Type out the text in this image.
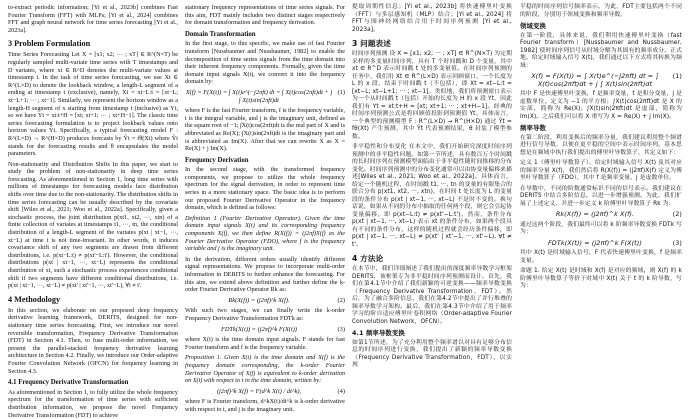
to-extract periodic information; [Yi et al., 2023b] combines Fast Fourier Transform (FFT) with MLPs; [Yi et al., 2024] combines FFT and graph neural network for time series forecasting [Yi et al., 2023a].
3 Problem Formulation
Time Series Forecasting Let X = [x1; x2; ··· ; xT] ∈ R^(N×T) be regularly sampled multi-variate time series with T timestamps and D variates, where xt ∈ R^D denotes the multi-variate values at timestamp t. In the task of time series forecasting, we use Xt ∈ R^(L×D) to denote the lookback window, a length-L segment of a ending at timestamp t (exclusive), namely, Xt = xt−L:t = [xt−L; xt−L+1; ··· ; xt−1]. Similarly, we represent the horizon window as a length-H segment of x starting from timestamp t (inclusive) as Yt, so we have Yt = xt:t+H = [xt; xt+1; ··· ; xt+H−1]. The classic time series forecasting formulation is to project lookback values onto horizon values Yt. Specifically, a typical forecasting model F : R^(L×D) → R^(H×D) produces forecasts by Ŷt = fθ(Xt) where Ŷt stands for the forecasting results and θ encapsulates the model parameters.
Non-stationarity and Distribution Shifts In this paper, we start to study the problem of non-stationarity in deep time series forecasting. As aforementioned in Section 1, long time series with millions of timestamps for forecasting models face distribution shifts over time due to the non-stationarity. The distribution shifts in time series forecasting can be usually described by the covariate shift [Wiles et al., 2021; Woo et al., 2022a]. Specifically, given a stochastic process, the joint distribution p(xt1, xt2, ···, xtn) of a finite collection of variates at timestamps t1, ···, tn, the conditional distribution of a length-L segment of the variates p(xt | xt−1, ···, xt−L) at time t is not time-invariant. In other words, it induces covariance shift of any two segments are drawn from different distributions, i.e. p(xt−L:t) ≠ p(xt'−L:t'). However, the conditional distributions p(xt | xt−1, ···, xt−L) represents the conditional distribution of xt, such a stochastic process experiences conditional shift if two segments have different conditional distributions, i.e. p(xt | xt−1, ···, xt−L) ≠ p(xt' | xt'−1, ···, xt'−L), ∀t ≠ t'.
4 Methodology
In this section, we elaborate on our proposed deep frequency derivative learning framework, DERITS, designed for non-stationary time series forecasting. First, we introduce our novel reversible transformation, Frequency Derivative Transformation (FDT) in Section 4.1. Then, to fuse multi-order information, we present the parallel-stacked frequency derivative learning architecture in Section 4.2. Finally, we introduce our Order-adaptive Fourier Convolution Network (OFCN) for frequency learning in Section 4.3.
4.1 Frequency Derivative Transformation
As aforementioned in Section 1, to fully utilize the whole frequency spectrum for the transformation of time series with sufficient distribution information, we propose the novel Frequency Derivative Transformation (FDT) to achieve
stationary frequency representations of time series signals. For this aim, FDT mainly includes two distinct stages respectively for domain transformation and frequency derivation.
Domain Transformation
In the first stage, to this specific, we make use of fast Fourier transform [Nussbaumer and Nussbaumer, 1982] to enable the decomposition of time series signals from the time domain into their inherent frequency components. Formally, given the time domain input signals X(t), we convert it into the frequency domain by:
X(f) = F(X(t)) = ∫ X(t)e^(−j2πft) dt = ∫ X(t)cos(2πft)dt + j ∫ X(t)sin(2πft)dt
(1)
where F is the fast Fourier transform, f is the frequency variable, t is the integral variable, and j is the imaginary unit, defined as the square root of −1; ∫X(t)cos(2πft)dt is the real part of X and is abbreviated as Re(X); ∫X(t)sin(2πft)dt is the imaginary part and is abbreviated as Im(X). After that we can rewrite X as X = Re(X) + j Im(X).
Frequency Derivation
In the second stage, with the transformed frequency components, we propose to utilize the whole frequency spectrum for the signal derivation, in order to represent time series in a more stationary space. The basic idea is to perform our proposed Fourier Derivative Operator in the frequency domain, which is defined as follows:
Definition 1 (Fourier Derivative Operator). Given the time domain input signals X(t) and its corresponding frequency components X(f), we then define R(X(f)) = (j2πf)X(f) as the Fourier Derivative Operator (FDO), where f is the frequency variable and j is the imaginary unit.
In the derivation, different orders usually identify different signal representations. We propose to incorporate multi-order information in DERITS to further enhance the forecasting. For this aim, we extend above definition and further define the k-order Fourier Derivative Operator Rk as:
Rk(X(f)) = (j2πf)^k X(f).	(2)
With such two stages, we can finally write the k-order Frequency Derivative Transformation FDTk as:
FDTk(X(t)) = (j2πf)^k F(X(t))	(3)
where X(t) is the time domain input signals. F stands for fast Fourier transform and f is the frequency variable.
Proposition 1. Given X(t) is the time domain and X(f) is the frequency domain corresponding, the k-order Fourier Derivative Operator of X(f) is equivalent to k-order derivation on X(t) with respect to t in the time domain, written by:
(j2πf)^k X(f) = F(d^k X(t) / dt^k),	(4)
where F is Fourier transform, d^kX(t)/dt^k is k-order derivative with respect to t, and j is the imaginary unit.
提取周期性信息；[Yi et al., 2023b] 将快速傅里叶变换（FFT）与多层感知机（MLP）结合；[Yi et al., 2024] 将FFT与图神经网络结合用于时间序列预测 [Yi et al., 2023a]。
3 问题表述
时间序列预测 设 X = [x1; x2; ··· ; xT] ∈ R^(N×T) 为定期采样的多变量时间序列，具有 T 个时间戳和 D 个变量，其中 xt ∈ R^D 表示时间戳 t 处的多变量值。在时间序列预测的任务中，我们用 Xt ∈ R^(L×D) 表示回顾窗口，一个长度为 L 的 x 段，结束于时间戳 t（不包括），即 Xt = xt−L:t = [xt−L; xt−L+1; ··· ; xt−1]。类似地，我们将预测窗口表示为一个从时间戳 t（包括）开始的长度为 H 的 x 段 Yt，因此我们有 Yt = xt:t+H = [xt; xt+1; ··· ; xt+H−1]。经典的时间序列预测公式是将回顾值投影到预测值 Yt。具体而言，一个典型的预测模型 F : R^(L×D) → R^(H×D) 通过 Ŷt = fθ(Xt) 产生预测，其中 Ŷt 代表预测结果，θ 封装了模型参数。
非平稳性和分布变化 在本文中，我们开始研究深度时间序列预测中的非平稳性问题。如第一节所述，具有数百万个时间戳的长时间序列在预测模型面临由于非平稳性随时间推移的分布变化。时间序列预测中的分布变化通常可以由协变量偏移来描述[Wiles et al., 2021; Woo et al., 2022a]。具体而言，给定一个随机过程，在时间戳 t1, ···, tn 的变量的有限集合的联合分布 p(xt1, xt2, ···, xtn)，在时间 t 处长度为 L 的变量段的条件分布 p(xt | xt−1, ···, xt−L) 不是时不变的。换句话说，如果从不同的分布中抽取的任何两个段，则它会引起协变量偏移，即 p(xt−L:t) ≠ p(xt'−L:t')。然而，条件分布 p(xt | xt−1, ···, xt−L) 表示 xt 的条件分布，如果两个段具有不同的条件分布，这样的随机过程就会经历条件偏移，即 p(xt | xt−1, ···, xt−L) ≠ p(xt' | xt'−1, ···, xt'−L), ∀t ≠ t'。
4 方法论
在本节中，我们详细阐述了我们提出的深度频率导数学习框架DERITS，该框架专为非平稳时间序列预测而设计。首先，我们在第4.1节中介绍了我们新颖的可逆变换——频率导数变换（Frequency Derivative Transformation，FDT）。然后，为了融合多阶信息，我们在第4.2节中提出了并行堆叠的频率导数学习架构。最后，我们在第4.3节中介绍了用于频率学习的阶自适应傅里叶卷积网络（Order-adaptive Fourier Convolution Network，OFCN）。
4.1 频率导数变换
如第1节所述，为了充分利用整个频率谱以对具有足够分布信息的时间序列进行变换，我们提出了新颖的频率导数变换（Frequency Derivative Transformation，FDT），以实现
平稳的时间序列信号频率表示。为此，FDT主要包括两个不同的阶段，分别用于领域变换和频率导数。
领域变换
在第一阶段，具体来说，我们利用快速傅里叶变换（fast Fourier transform）[Nussbaumer and Nussbaumer, 1982] 使时间序列信号从时域分解为其固有的频率成分。正式地，给定时域输入信号 X(t)，我们通过以下方式将其转换为频域：
X(f) = F(X(t)) = ∫ X(t)e^(−j2πft) dt = ∫ X(t)cos(2πft)dt + j ∫ X(t)sin(2πft)dt
(1)
其中 F 是快速傅里叶变换，f 是频率变量，t 是积分变量，j 是虚数单位，定义为 −1 的平方根；∫X(t)cos(2πft)dt 是 X 的实部，简称为 Re(X)；∫X(t)sin(2πft)dt 是虚部，简称为 Im(X)。之后我们可以将 X 重写为 X = Re(X) + j Im(X)。
频率导数
在第二阶段，利用变换后的频率分量，我们建议利用整个频谱进行信号导数，以便在更平稳的空间中表示时间序列。基本思想是在频域中执行我们提出的傅里叶导数算子，其定义如下：
定义 1（傅里叶导数算子）。给定时域输入信号 X(t) 及其对应的频率分量 X(f)，我们然后将 R(X(f)) = (j2πf)X(f) 定义为傅里叶导数算子（FDO），其中 f 是频率变量，j 是虚数单位。
在导数中，不同的阶数通常标识不同的信号表示。我们建议在 DERITS 中结合多阶信息，以进一步增强预测。为此，我们扩展了上述定义，并进一步定义 k 阶傅里叶导数算子 Rk 为：
Rk(X(f)) = (j2πf)^k X(f).	(2)
通过这两个阶段，我们最终可以将 k 阶频率导数变换 FDTk 写为：
FDTk(X(t)) = (j2πf)^k F(X(t))	(3)
其中 X(t) 是时域输入信号，F 代表快速傅里叶变换，f 是频率变量。
命题 1. 给定 X(t) 是时域和 X(f) 是对应的频域，则 X(f) 的 k 阶傅里叶导数算子等价于时域中 X(t) 关于 t 的 k 阶导数，写为：
